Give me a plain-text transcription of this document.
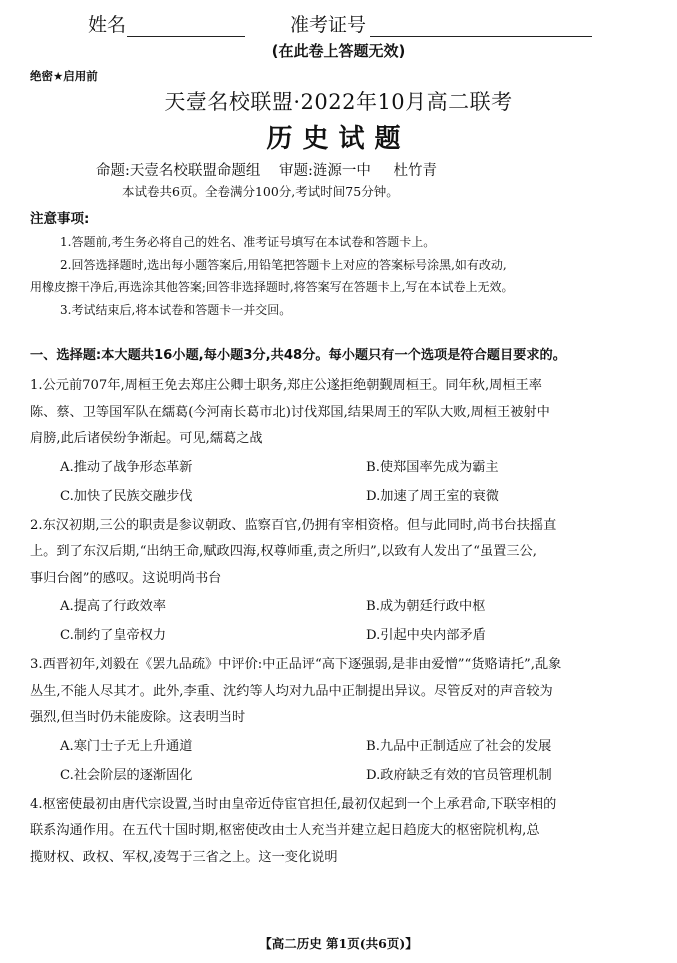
姓名	准考证号
(在此卷上答题无效)
绝密★启用前
天壹名校联盟·2022年10月高二联考
历史试题
命题:天壹名校联盟命题组 审题:涟源一中 杜竹青
本试卷共6页。全卷满分100分,考试时间75分钟。
注意事项:
1.答题前,考生务必将自己的姓名、准考证号填写在本试卷和答题卡上。
2.回答选择题时,选出每小题答案后,用铅笔把答题卡上对应的答案标号涂黑,如有改动,
用橡皮擦干净后,再选涂其他答案;回答非选择题时,将答案写在答题卡上,写在本试卷上无效。
3.考试结束后,将本试卷和答题卡一并交回。
一、选择题:本大题共16小题,每小题3分,共48分。每小题只有一个选项是符合题目要求的。
1.公元前707年,周桓王免去郑庄公卿士职务,郑庄公遂拒绝朝觐周桓王。同年秋,周桓王率
陈、蔡、卫等国军队在繻葛(今河南长葛市北)讨伐郑国,结果周王的军队大败,周桓王被射中
肩膀,此后诸侯纷争渐起。可见,繻葛之战
A.推动了战争形态革新	B.使郑国率先成为霸主
C.加快了民族交融步伐	D.加速了周王室的衰微
2.东汉初期,三公的职责是参议朝政、监察百官,仍拥有宰相资格。但与此同时,尚书台扶摇直
上。到了东汉后期,“出纳王命,赋政四海,权尊师重,责之所归”,以致有人发出了“虽置三公,
事归台阁”的感叹。这说明尚书台
A.提高了行政效率	B.成为朝廷行政中枢
C.制约了皇帝权力	D.引起中央内部矛盾
3.西晋初年,刘毅在《罢九品疏》中评价:中正品评“高下逐强弱,是非由爱憎”“货赂请托”,乱象
丛生,不能人尽其才。此外,李重、沈约等人均对九品中正制提出异议。尽管反对的声音较为
强烈,但当时仍未能废除。这表明当时
A.寒门士子无上升通道	B.九品中正制适应了社会的发展
C.社会阶层的逐渐固化	D.政府缺乏有效的官员管理机制
4.枢密使最初由唐代宗设置,当时由皇帝近侍宦官担任,最初仅起到一个上承君命,下联宰相的
联系沟通作用。在五代十国时期,枢密使改由士人充当并建立起日趋庞大的枢密院机构,总
揽财权、政权、军权,凌驾于三省之上。这一变化说明
【高二历史 第1页(共6页)】
